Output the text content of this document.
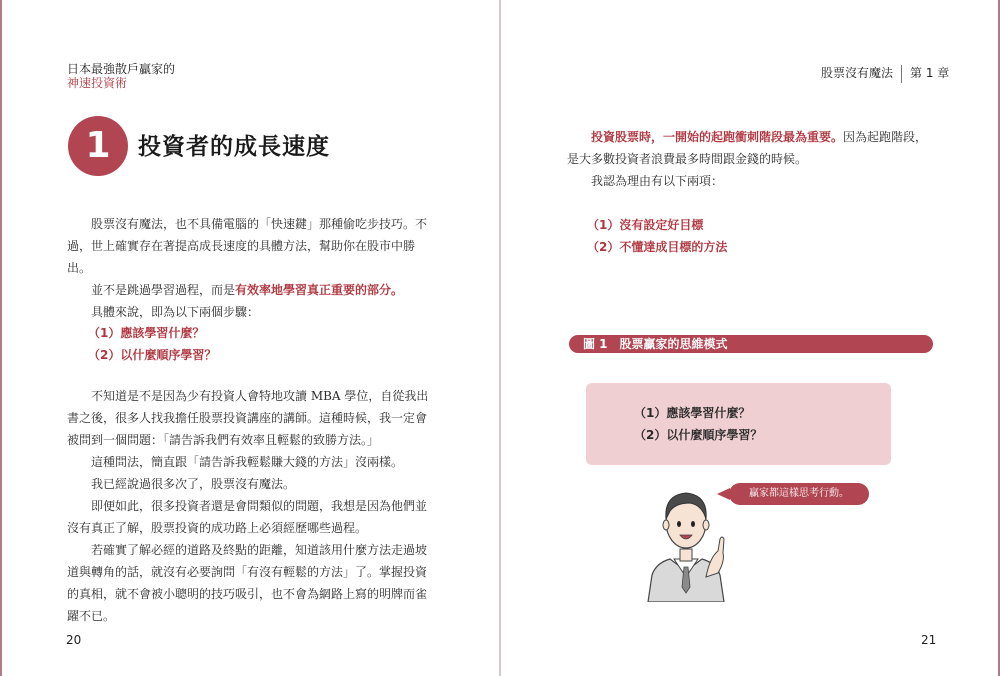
日本最強散戶贏家的
神速投資術
1	投資者的成長速度

股票沒有魔法，也不具備電腦的「快速鍵」那種偷吃步技巧。不過，世上確實存在著提高成長速度的具體方法，幫助你在股市中勝出。

並不是跳過學習過程，而是有效率地學習真正重要的部分。

具體來說，即為以下兩個步驟：

（1）應該學習什麼？
（2）以什麼順序學習？

不知道是不是因為少有投資人會特地攻讀 MBA 學位，自從我出書之後，很多人找我擔任股票投資講座的講師。這種時候，我一定會被問到一個問題：「請告訴我們有效率且輕鬆的致勝方法。」

這種問法，簡直跟「請告訴我輕鬆賺大錢的方法」沒兩樣。

我已經說過很多次了，股票沒有魔法。

即便如此，很多投資者還是會問類似的問題，我想是因為他們並沒有真正了解，股票投資的成功路上必須經歷哪些過程。

若確實了解必經的道路及終點的距離，知道該用什麼方法走過坡道與轉角的話，就沒有必要詢問「有沒有輕鬆的方法」了。掌握投資的真相，就不會被小聰明的技巧吸引，也不會為網路上寫的明牌而雀躍不已。

20
股票沒有魔法 第 1 章

投資股票時，一開始的起跑衝刺階段最為重要。因為起跑階段，是大多數投資者浪費最多時間跟金錢的時候。

我認為理由有以下兩項：

（1）沒有設定好目標
（2）不懂達成目標的方法
圖 1　股票贏家的思維模式
（1）應該學習什麼？
（2）以什麼順序學習？
贏家都這樣思考行動。
21
